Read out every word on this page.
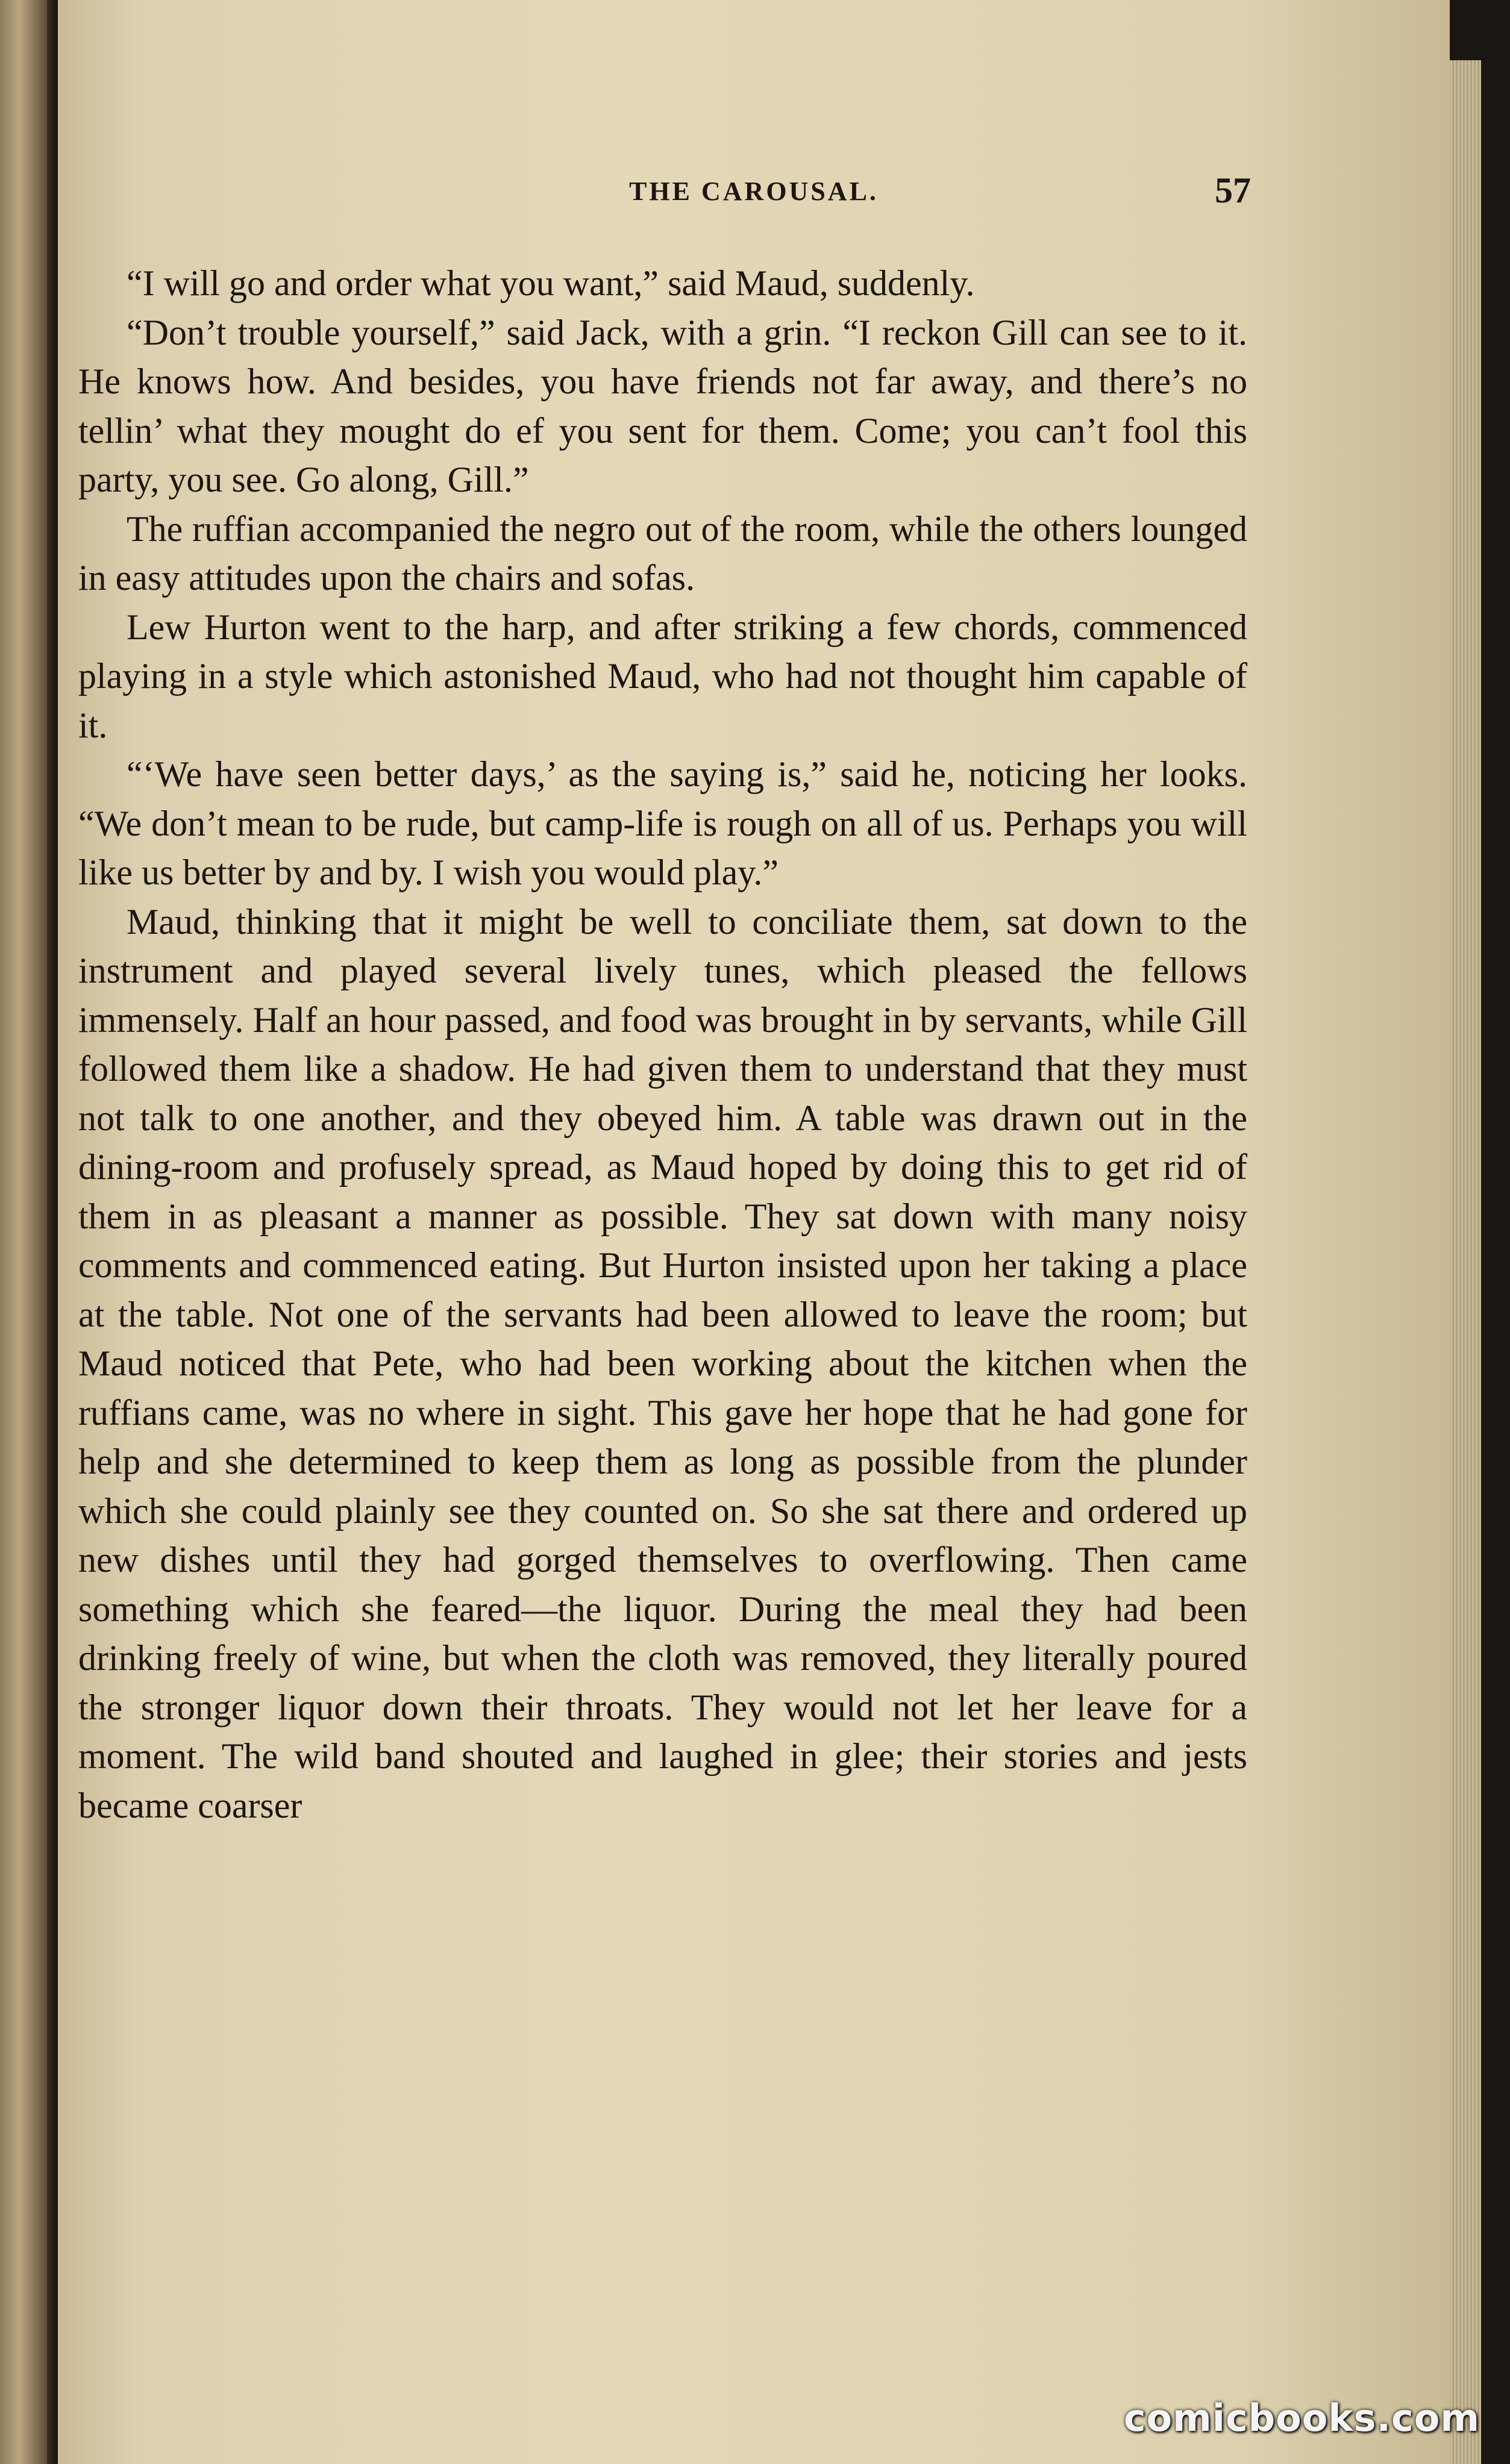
THE CAROUSAL.	57

“I will go and order what you want,” said Maud, suddenly.

“Don’t trouble yourself,” said Jack, with a grin. “I reckon Gill can see to it. He knows how. And besides, you have friends not far away, and there’s no tellin’ what they mought do ef you sent for them. Come; you can’t fool this party, you see. Go along, Gill.”

The ruffian accompanied the negro out of the room, while the others lounged in easy attitudes upon the chairs and sofas.

Lew Hurton went to the harp, and after striking a few chords, commenced playing in a style which astonished Maud, who had not thought him capable of it.

“‘We have seen better days,’ as the saying is,” said he, noticing her looks. “We don’t mean to be rude, but camp-life is rough on all of us. Perhaps you will like us better by and by. I wish you would play.”

Maud, thinking that it might be well to conciliate them, sat down to the instrument and played several lively tunes, which pleased the fellows immensely. Half an hour passed, and food was brought in by servants, while Gill followed them like a shadow. He had given them to understand that they must not talk to one another, and they obeyed him. A table was drawn out in the dining-room and profusely spread, as Maud hoped by doing this to get rid of them in as pleasant a manner as possible. They sat down with many noisy comments and commenced eating. But Hurton insisted upon her taking a place at the table. Not one of the servants had been allowed to leave the room; but Maud noticed that Pete, who had been working about the kitchen when the ruffians came, was no where in sight. This gave her hope that he had gone for help and she determined to keep them as long as possible from the plunder which she could plainly see they counted on. So she sat there and ordered up new dishes until they had gorged themselves to overflowing. Then came something which she feared—the liquor. During the meal they had been drinking freely of wine, but when the cloth was removed, they literally poured the stronger liquor down their throats. They would not let her leave for a moment. The wild band shouted and laughed in glee; their stories and jests became coarser

comicbooks.com
